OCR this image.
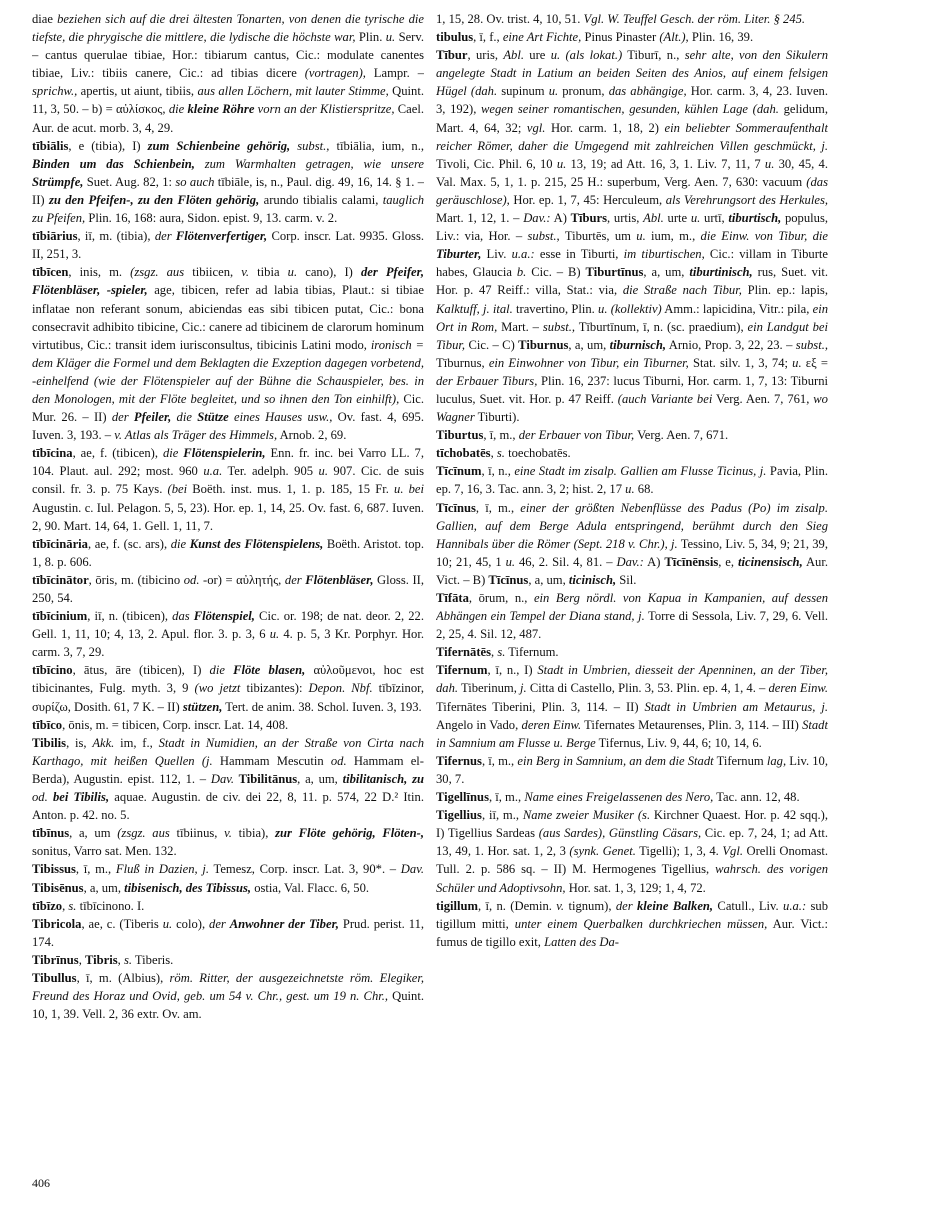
diae beziehen sich auf die drei ältesten Tonarten, von denen die tyrische die tiefste, die phrygische die mittlere, die lydische die höchste war, Plin. u. Serv. – cantus querulae tibiae, Hor.: tibiarum cantus, Cic.: modulate canentes tibiae, Liv.: tibiis canere, Cic.: ad tibias dicere (vortragen), Lampr. – sprichw., apertis, ut aiunt, tibiis, aus allen Löchern, mit lauter Stimme, Quint. 11, 3, 50. – b) = αὐλίσκος, die kleine Röhre vorn an der Klistierspritze, Cael. Aur. de acut. morb. 3, 4, 29.

tībiālis, e (tibia), I) zum Schienbeine gehörig, subst., tībiālia, ium, n., Binden um das Schienbein, zum Warmhalten getragen, wie unsere Strümpfe, Suet. Aug. 82, 1: so auch tībiāle, is, n., Paul. dig. 49, 16, 14. § 1. – II) zu den Pfeifen-, zu den Flöten gehörig, arundo tibialis calami, tauglich zu Pfeifen, Plin. 16, 168: aura, Sidon. epist. 9, 13. carm. v. 2.

tībiārius, iī, m. (tibia), der Flötenverfertiger, Corp. inscr. Lat. 9935. Gloss. II, 251, 3.

tībīcen, inis, m. (zsgz. aus tibiicen, v. tibia u. cano), I) der Pfeifer, Flötenbläser, -spieler, age, tibicen, refer ad labia tibias, Plaut.: si tibiae inflatae non referant sonum, abiciendas eas sibi tibicen putat, Cic.: bona consecravit adhibito tibicine, Cic.: canere ad tibicinem de clarorum hominum virtutibus, Cic.: transit idem iurisconsultus, tibicinis Latini modo, ironisch = dem Kläger die Formel und dem Beklagten die Exzeption dagegen vorbetend, -einhelfend (wie der Flötenspieler auf der Bühne die Schauspieler, bes. in den Monologen, mit der Flöte begleitet, und so ihnen den Ton einhilft), Cic. Mur. 26. – II) der Pfeiler, die Stütze eines Hauses usw., Ov. fast. 4, 695. Iuven. 3, 193. – v. Atlas als Träger des Himmels, Arnob. 2, 69.

tībīcina, ae, f. (tibicen), die Flötenspielerin, Enn. fr. inc. bei Varro LL. 7, 104. Plaut. aul. 292; most. 960 u.a. Ter. adelph. 905 u. 907. Cic. de suis consil. fr. 3. p. 75 Kays. (bei Boëth. inst. mus. 1, 1. p. 185, 15 Fr. u. bei Augustin. c. Iul. Pelagon. 5, 5, 23). Hor. ep. 1, 14, 25. Ov. fast. 6, 687. Iuven. 2, 90. Mart. 14, 64, 1. Gell. 1, 11, 7.

tībīcināria, ae, f. (sc. ars), die Kunst des Flötenspielens, Boëth. Aristot. top. 1, 8. p. 606.

tībīcinātor, ōris, m. (tibicino od. -or) = αὐλητής, der Flötenbläser, Gloss. II, 250, 54.

tībīcinium, iī, n. (tibicen), das Flötenspiel, Cic. or. 198; de nat. deor. 2, 22. Gell. 1, 11, 10; 4, 13, 2. Apul. flor. 3. p. 3, 6 u. 4. p. 5, 3 Kr. Porphyr. Hor. carm. 3, 7, 29.

tībīcino, ātus, āre (tibicen), I) die Flöte blasen, αὐλοῦμενοι, hoc est tibicinantes, Fulg. myth. 3, 9 (wo jetzt tibizantes): Depon. Nbf. tībīzinor, συρίζω, Dosith. 61, 7 K. – II) stützen, Tert. de anim. 38. Schol. Iuven. 3, 193.

tībīco, ōnis, m. = tibicen, Corp. inscr. Lat. 14, 408.

Tibilis, is, Akk. im, f., Stadt in Numidien, an der Straße von Cirta nach Karthago, mit heißen Quellen (j. Hammam Mescutin od. Hammam el-Berda), Augustin. epist. 112, 1. – Dav. Tibilitānus, a, um, tibilitanisch, zu od. bei Tibilis, aquae. Augustin. de civ. dei 22, 8, 11. p. 574, 22 D.² Itin. Anton. p. 42. no. 5.

tībīnus, a, um (zsgz. aus tībiinus, v. tibia), zur Flöte gehörig, Flöten-, sonitus, Varro sat. Men. 132.

Tibissus, ī, m., Fluß in Dazien, j. Temesz, Corp. inscr. Lat. 3, 90*. – Dav. Tibisēnus, a, um, tibisenisch, des Tibissus, ostia, Val. Flacc. 6, 50.

tībīzo, s. tībīcinono. I.

Tibricola, ae, c. (Tiberis u. colo), der Anwohner der Tiber, Prud. perist. 11, 174.

Tibrīnus, Tibris, s. Tiberis.

Tibullus, ī, m. (Albius), röm. Ritter, der ausgezeichnetste röm. Elegiker, Freund des Horaz und Ovid, geb. um 54 v. Chr., gest. um 19 n. Chr., Quint. 10, 1, 39. Vell. 2, 36 extr. Ov. am.

1, 15, 28. Ov. trist. 4, 10, 51. Vgl. W. Teuffel Gesch. der röm. Liter. § 245.

tibulus, ī, f., eine Art Fichte, Pinus Pinaster (Alt.), Plin. 16, 39.

Tībur, uris, Abl. ure u. (als lokat.) Tiburī, n., sehr alte, von den Sikulern angelegte Stadt in Latium an beiden Seiten des Anios, auf einem felsigen Hügel (dah. supinum u. pronum, das abhängige, Hor. carm. 3, 4, 23. Iuven. 3, 192), wegen seiner romantischen, gesunden, kühlen Lage (dah. gelidum, Mart. 4, 64, 32; vgl. Hor. carm. 1, 18, 2) ein beliebter Sommeraufenthalt reicher Römer, daher die Umgegend mit zahlreichen Villen geschmückt, j. Tivoli, Cic. Phil. 6, 10 u. 13, 19; ad Att. 16, 3, 1. Liv. 7, 11, 7 u. 30, 45, 4. Val. Max. 5, 1, 1. p. 215, 25 H.: superbum, Verg. Aen. 7, 630: vacuum (das geräuschlose), Hor. ep. 1, 7, 45: Herculeum, als Verehrungsort des Herkules, Mart. 1, 12, 1. – Dav.: A) Tīburs, urtis, Abl. urte u. urtī, tiburtisch, populus, Liv.: via, Hor. – subst., Tiburtēs, um u. ium, m., die Einw. von Tibur, die Tiburter, Liv. u.a.: esse in Tiburti, im tiburtischen, Cic.: villam in Tiburte habes, Glaucia b. Cic. – B) Tiburtīnus, a, um, tiburtinisch, rus, Suet. vit. Hor. p. 47 Reiff.: villa, Stat.: via, die Straße nach Tibur, Plin. ep.: lapis, Kalktuff, j. ital. travertino, Plin. u. (kollektiv) Amm.: lapicidina, Vitr.: pila, ein Ort in Rom, Mart. – subst., Tīburtīnum, ī, n. (sc. praedium), ein Landgut bei Tibur, Cic. – C) Tiburnus, a, um, tiburnisch, Arnio, Prop. 3, 22, 23. – subst., Tīburnus, ein Einwohner von Tibur, ein Tiburner, Stat. silv. 1, 3, 74; u. εξ = der Erbauer Tiburs, Plin. 16, 237: lucus Tiburni, Hor. carm. 1, 7, 13: Tiburni luculus, Suet. vit. Hor. p. 47 Reiff. (auch Variante bei Verg. Aen. 7, 761, wo Wagner Tiburti).

Tiburtus, ī, m., der Erbauer von Tibur, Verg. Aen. 7, 671.

tīchobatēs, s. toechobatēs.

Tīcīnum, ī, n., eine Stadt im zisalp. Gallien am Flusse Ticinus, j. Pavia, Plin. ep. 7, 16, 3. Tac. ann. 3, 2; hist. 2, 17 u. 68.

Tīcīnus, ī, m., einer der größten Nebenflüsse des Padus (Po) im zisalp. Gallien, auf dem Berge Adula entspringend, berühmt durch den Sieg Hannibals über die Römer (Sept. 218 v. Chr.), j. Tessino, Liv. 5, 34, 9; 21, 39, 10; 21, 45, 1 u. 46, 2. Sil. 4, 81. – Dav.: A) Tīcīnēnsis, e, ticinensisch, Aur. Vict. – B) Tīcīnus, a, um, ticinisch, Sil.

Tīfāta, ōrum, n., ein Berg nördl. von Kapua in Kampanien, auf dessen Abhängen ein Tempel der Diana stand, j. Torre di Sessola, Liv. 7, 29, 6. Vell. 2, 25, 4. Sil. 12, 487.

Tifernātēs, s. Tifernum.

Tifernum, ī, n., I) Stadt in Umbrien, diesseit der Apenninen, an der Tiber, dah. Tiberinum, j. Citta di Castello, Plin. 3, 53. Plin. ep. 4, 1, 4. – deren Einw. Tifernātes Tiberini, Plin. 3, 114. – II) Stadt in Umbrien am Metaurus, j. Angelo in Vado, deren Einw. Tifernates Metaurenses, Plin. 3, 114. – III) Stadt in Samnium am Flusse u. Berge Tifernus, Liv. 9, 44, 6; 10, 14, 6.

Tifernus, ī, m., ein Berg in Samnium, an dem die Stadt Tifernum lag, Liv. 10, 30, 7.

Tigellīnus, ī, m., Name eines Freigelassenen des Nero, Tac. ann. 12, 48.

Tigellius, iī, m., Name zweier Musiker (s. Kirchner Quaest. Hor. p. 42 sqq.), I) Tigellius Sardeas (aus Sardes), Günstling Cäsars, Cic. ep. 7, 24, 1; ad Att. 13, 49, 1. Hor. sat. 1, 2, 3 (synk. Genet. Tigelli); 1, 3, 4. Vgl. Orelli Onomast. Tull. 2. p. 586 sq. – II) M. Hermogenes Tigellius, wahrsch. des vorigen Schüler und Adoptivsohn, Hor. sat. 1, 3, 129; 1, 4, 72.

tigillum, ī, n. (Demin. v. tignum), der kleine Balken, Catull., Liv. u.a.: sub tigillum mitti, unter einem Querbalken durchkriechen müssen, Aur. Vict.: fumus de tigillo exit, Latten des Da-

406
